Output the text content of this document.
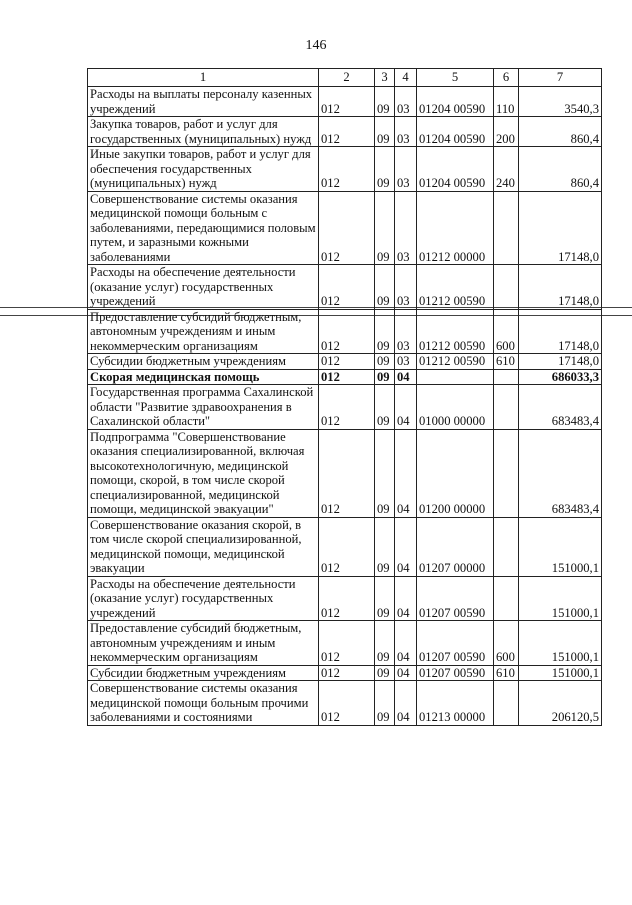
146
1	2	3	4	5	6	7
Расходы на выплаты персоналу казенных учреждений	012	09	03	01204 00590	110	3540,3
Закупка товаров, работ и услуг для государственных (муниципальных) нужд	012	09	03	01204 00590	200	860,4
Иные закупки товаров, работ и услуг для обеспечения государственных (муниципальных) нужд	012	09	03	01204 00590	240	860,4
Совершенствование системы оказания медицинской помощи больным с заболеваниями, передающимися половым путем, и заразными кожными заболеваниями	012	09	03	01212 00000		17148,0
Расходы на обеспечение деятельности (оказание услуг) государственных учреждений	012	09	03	01212 00590		17148,0
Предоставление субсидий бюджетным, автономным учреждениям и иным некоммерческим организациям	012	09	03	01212 00590	600	17148,0
Субсидии бюджетным учреждениям	012	09	03	01212 00590	610	17148,0
Скорая медицинская помощь	012	09	04			686033,3
Государственная программа Сахалинской области "Развитие здравоохранения в Сахалинской области"	012	09	04	01000 00000		683483,4
Подпрограмма "Совершенствование оказания специализированной, включая высокотехнологичную, медицинской помощи, скорой, в том числе скорой специализированной, медицинской помощи, медицинской эвакуации"	012	09	04	01200 00000		683483,4
Совершенствование оказания скорой, в том числе скорой специализированной, медицинской помощи, медицинской эвакуации	012	09	04	01207 00000		151000,1
Расходы на обеспечение деятельности (оказание услуг) государственных учреждений	012	09	04	01207 00590		151000,1
Предоставление субсидий бюджетным, автономным учреждениям и иным некоммерческим организациям	012	09	04	01207 00590	600	151000,1
Субсидии бюджетным учреждениям	012	09	04	01207 00590	610	151000,1
Совершенствование системы оказания медицинской помощи больным прочими заболеваниями и состояниями	012	09	04	01213 00000		206120,5
